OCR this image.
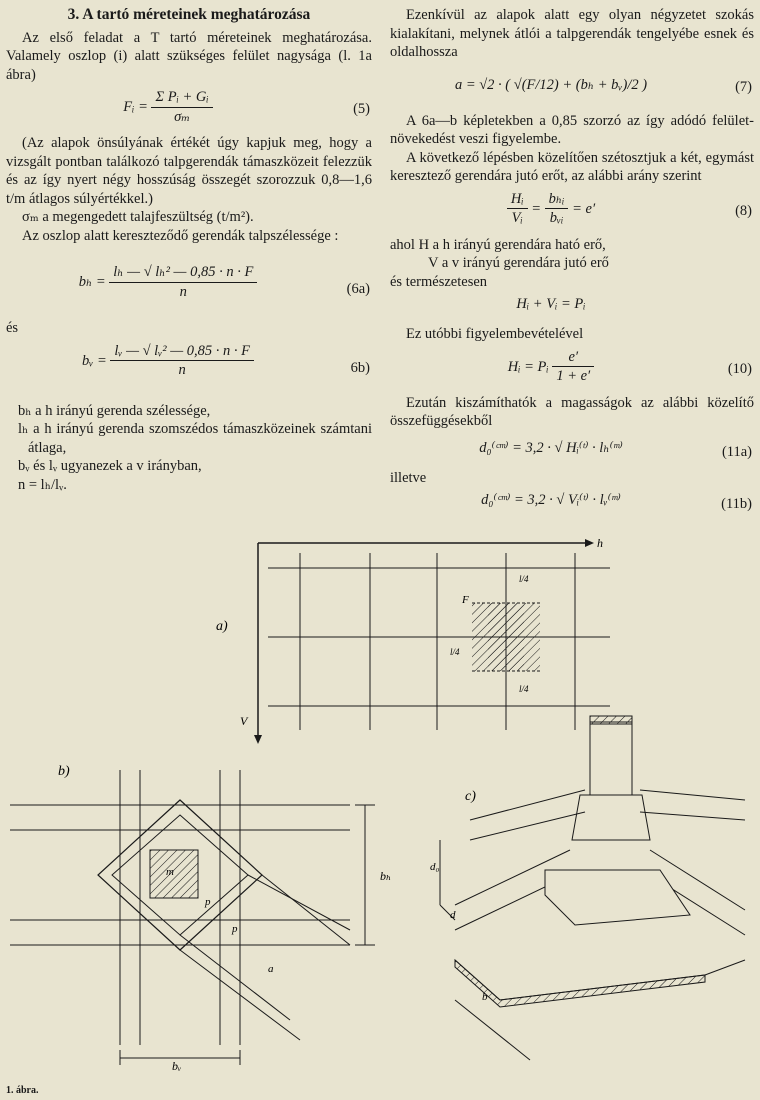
3. A tartó méreteinek meghatározása

Az első feladat a T tartó méreteinek meghatározása. Valamely oszlop (i) alatt szükséges felület nagysága (l. 1a ábra)

Fᵢ = $\frac{\text{Σ Pᵢ + Gᵢ}}{\text{σₘ}}$	(5)

(Az alapok önsúlyának értékét úgy kapjuk meg, hogy a vizsgált pontban találkozó talpgerendák támaszközeit felezzük és az így nyert négy hosszúság összegét szorozzuk 0,8—1,6 t/m átlagos súlyértékkel.)

σₘ a megengedett talajfeszültség (t/m²).

Az oszlop alatt kereszteződő gerendák talpszélessége :

$b_h = \frac{\text{lₕ — √ lₕ² — 0,85 · n · F}}{n}$	(6a)

és

bᵥ = $\frac{\text{lᵥ — √ lᵥ² — 0,85 · n · F}}{n}$	6b)

bₕ a h irányú gerenda szélessége,

lₕ a h irányú gerenda szomszédos támaszközeinek számtani átlaga,

bᵥ és lᵥ ugyanezek a v irányban,

n = lₕ/lᵥ.

Ezenkívül az alapok alatt egy olyan négyzetet szokás kialakítani, melynek átlói a talpgerendák tengelyébe esnek és oldalhossza

a = √2 · ( √(F/12) + (bₕ + bᵥ)/2 )	(7)

A 6a—b képletekben a 0,85 szorzó az így adódó felület-növekedést veszi figyelembe.

A következő lépésben közelítően szétosztjuk a két, egymást keresztező gerendára jutó erőt, az alábbi arány szerint

$\frac{\text{Hᵢ}}{\text{Vᵢ}} = \frac{\text{bₕᵢ}}{\text{bᵥᵢ}} = e'$	(8)

ahol H a h irányú gerendára ható erő,

V a v irányú gerendára jutó erő

és természetesen

Hᵢ + Vᵢ = Pᵢ

Ez utóbbi figyelembevételével

Hᵢ = Pᵢ $\frac{e'}{1 + e'}$	(10)

Ezután kiszámíthatók a magasságok az alábbi közelítő összefüggésekből

d₀⁽ᶜᵐ⁾ = 3,2 · √ Hᵢ⁽ᵗ⁾ · lₕ⁽ᵐ⁾	(11a)

illetve

d₀⁽ᶜᵐ⁾ = 3,2 · √ Vᵢ⁽ᵗ⁾ · lᵥ⁽ᵐ⁾	(11b)
h
V
a)
F
l/4
l/4
l/4
b)
m
p
p
a
bₕ
bᵥ
c)
d₀
d
b
1. ábra.
